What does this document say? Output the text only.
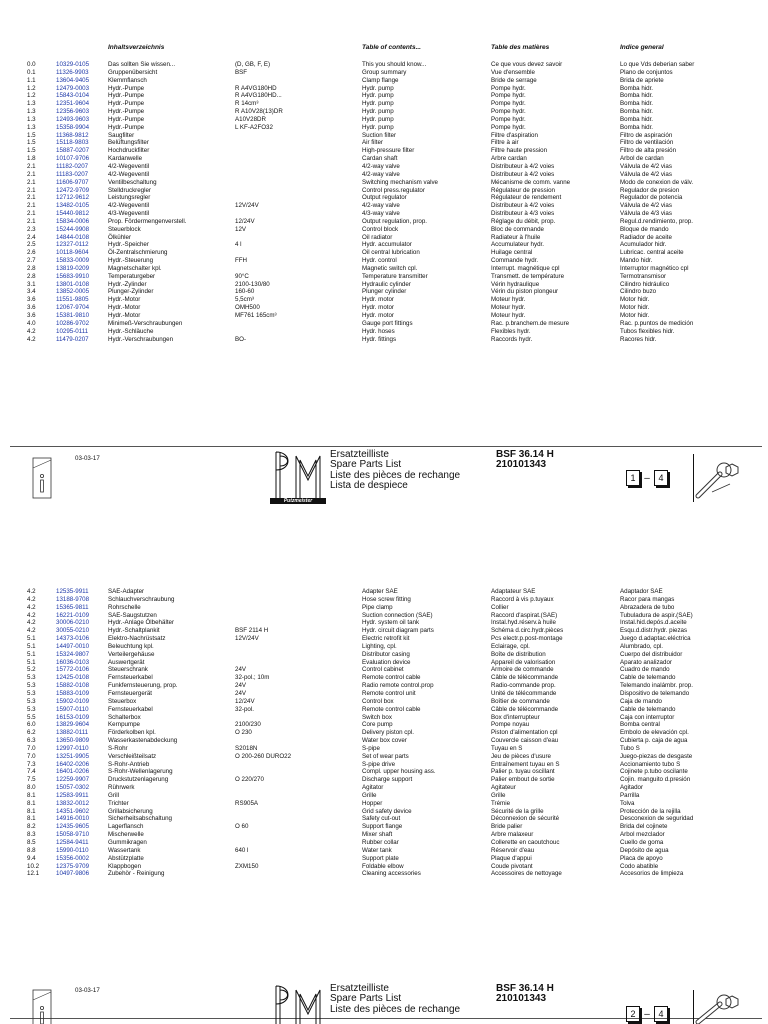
Inhaltsverzeichnis	Table of contents...	Table des matières	Indice general
0.0	10329-0105	Das sollten Sie wissen...	(D, GB, F, E)	This you should know...	Ce que vous devez savoir	Lo que Vds deberian saber
0.1	11326-9903	Gruppenübersicht	BSF	Group summary	Vue d'ensemble	Plano de conjuntos
1.1	13604-9405	Klemmflansch	Clamp flange	Bride de serrage	Brida de apriete
1.2	12479-0003	Hydr.-Pumpe	R A4VG180HD	Hydr. pump	Pompe hydr.	Bomba hidr.
1.2	15843-0104	Hydr.-Pumpe	R A4VG180HD...	Hydr. pump	Pompe hydr.	Bomba hidr.
1.3	12351-9604	Hydr.-Pumpe	R 14cm³	Hydr. pump	Pompe hydr.	Bomba hidr.
1.3	12356-9603	Hydr.-Pumpe	R A10V28(13)DR	Hydr. pump	Pompe hydr.	Bomba hidr.
1.3	12493-9603	Hydr.-Pumpe	A10V28DR	Hydr. pump	Pompe hydr.	Bomba hidr.
1.3	15358-9904	Hydr.-Pumpe	L KF-A2FO32	Hydr. pump	Pompe hydr.	Bomba hidr.
1.5	11368-9812	Saugfilter	Suction filter	Filtre d'aspiration	Filtro de aspiración
1.5	15118-9803	Belüftungsfilter	Air filter	Filtre à air	Filtro de ventilación
1.5	15887-0207	Hochdruckfilter	High-pressure filter	Filtre haute pression	Filtro de alta presión
1.8	10107-9706	Kardanwelle	Cardan shaft	Arbre cardan	Arbol de cardan
2.1	11182-0207	4/2-Wegeventil	4/2-way valve	Distributeur à 4/2 voies	Válvula de 4/2 vias
2.1	11183-0207	4/2-Wegeventil	4/2-way valve	Distributeur à 4/2 voies	Válvula de 4/2 vias
2.1	11606-9707	Ventilbeschaltung	Switching mechanism valve	Mécanisme de comm. vanne	Modo de conexion de válv.
2.1	12472-9709	Stelldruckregler	Control press.regulator	Régulateur de pression	Regulador de presion
2.1	12712-9612	Leistungsregler	Output regulator	Régulateur de rendement	Regulador de potencia
2.1	13482-0105	4/2-Wegeventil	12V/24V	4/2-way valve	Distributeur à 4/2 voies	Válvula de 4/2 vias
2.1	15440-9812	4/3-Wegeventil	4/3-way valve	Distributeur à 4/3 voies	Válvula de 4/3 vias
2.1	15834-0006	Prop. Fördermengenverstell.	12/24V	Output regulation, prop.	Réglage du débit, prop.	Regul.d.rendimiento, prop.
2.3	15244-9908	Steuerblock	12V	Control block	Bloc de commande	Bloque de mando
2.4	14844-0108	Ölkühler	Oil radiator	Radiateur à l'huile	Radiador de aceite
2.5	12327-0112	Hydr.-Speicher	4 l	Hydr. accumulator	Accumulateur hydr.	Acumulador hidr.
2.6	10118-9604	Öl-Zentralschmierung	Oil central lubrication	Huilage central	Lubricac. central aceite
2.7	15833-0009	Hydr.-Steuerung	FFH	Hydr. control	Commande hydr.	Mando hidr.
2.8	13819-0209	Magnetschalter kpl.	Magnetic switch cpl.	Interrupt. magnétique cpl	Interruptor magnético cpl
2.8	15683-9910	Temperaturgeber	90°C	Temperature transmitter	Transmett. de température	Termotransmisor
3.1	13801-0108	Hydr.-Zylinder	2100-130/80	Hydraulic cylinder	Vérin hydraulique	Cilindro hidráulico
3.4	13852-0005	Plunger-Zylinder	160-60	Plunger cylinder	Vérin du piston plongeur	Cilindro buzo
3.6	11551-9805	Hydr.-Motor	5,5cm³	Hydr. motor	Moteur hydr.	Motor hidr.
3.6	12067-9704	Hydr.-Motor	OMH500	Hydr. motor	Moteur hydr.	Motor hidr.
3.6	15381-9810	Hydr.-Motor	MF761 165cm³	Hydr. motor	Moteur hydr.	Motor hidr.
4.0	10286-9702	Minimeß-Verschraubungen	Gauge port fittings	Rac. p.branchem.de mesure	Rac. p.puntos de medición
4.2	10295-0111	Hydr.-Schläuche	Hydr. hoses	Flexibles hydr.	Tubos flexibles hidr.
4.2	11479-0207	Hydr.-Verschraubungen	BO-	Hydr. fittings	Raccords hydr.	Racores hidr.
03-03-17
Putzmeister
Ersatzteilliste
Spare Parts List
Liste des pièces de rechange
Lista de despiece
BSF 36.14 H
210101343
1 – 4
4.2	12535-9911	SAE-Adapter	Adapter SAE	Adaptateur SAE	Adaptador SAE
4.2	13188-9708	Schlauchverschraubung	Hose screw fitting	Raccord à vis p.tuyaux	Racor para mangas
4.2	15365-9811	Rohrschelle	Pipe clamp	Collier	Abrazadera de tubo
4.2	16221-0109	SAE-Saugstutzen	Suction connection (SAE)	Raccord d'aspirat.(SAE)	Tubuladura de aspir.(SAE)
4.2	30006-0210	Hydr.-Anlage Ölbehälter	Hydr. system oil tank	Instal.hyd.réserv.à huile	Instal.hid.depós.d.aceite
4.2	30055-0210	Hydr.-Schaltplankit	BSF 2114 H	Hydr. circuit diagram parts	Schéma d.circ.hydr.pièces	Esqu.d.distr.hydr. piezas
5.1	14373-0106	Elektro-Nachrüstsatz	12V/24V	Electric retrofit kit	Pcs electr.p.post-montage	Juego d.adaptac.eléctrica
5.1	14497-0010	Beleuchtung kpl.	Lighting, cpl.	Eclairage, cpl.	Alumbrado, cpl.
5.1	15324-9807	Verteilergehäuse	Distributor casing	Boîte de distribution	Cuerpo del distribuidor
5.1	16036-0103	Auswertgerät	Evaluation device	Appareil de valorisation	Aparato analizador
5.2	15772-0106	Steuerschrank	24V	Control cabinet	Armoire de commande	Cuadro de mando
5.3	12425-0108	Fernsteuerkabel	32-pol.; 10m	Remote control cable	Câble de télécommande	Cable de telemando
5.3	15882-0108	Funkfernsteuerung, prop.	24V	Radio remote control.prop	Radio-commande prop.	Telemando inalámbr. prop.
5.3	15883-0109	Fernsteuergerät	24V	Remote control unit	Unité de télécommande	Dispositivo de telemando
5.3	15902-0109	Steuerbox	12/24V	Control box	Boîtier de commande	Caja de mando
5.3	15907-0110	Fernsteuerkabel	32-pol.	Remote control cable	Câble de télécommande	Cable de telemando
5.5	16153-0109	Schalterbox	Switch box	Box d'interrupteur	Caja con interruptor
6.0	13829-9604	Kernpumpe	2100/230	Core pump	Pompe noyau	Bomba central
6.2	13882-0111	Förderkolben kpl.	O 230	Delivery piston cpl.	Piston d'alimentation cpl	Embolo de elevación cpl.
6.3	13650-9809	Wasserkastenabdeckung	Water box cover	Couvercle caisson d'eau	Cubierta p. caja de agua
7.0	12997-0110	S-Rohr	S2018N	S-pipe	Tuyau en S	Tubo S
7.0	13251-9905	Verschleißteilsatz	O 200-260 DURO22	Set of wear parts	Jeu de pièces d'usure	Juego-piezas de desgaste
7.3	16402-0206	S-Rohr-Antrieb	S-pipe drive	Entraînement tuyau en S	Accionamiento tubo S
7.4	16401-0206	S-Rohr-Wellenlagerung	Compl. upper housing ass.	Palier p. tuyau oscillant	Cojinete p.tubo oscilante
7.5	12259-9907	Druckstutzenlagerung	O 220/270	Discharge support	Palier embout de sortie	Cojin. manguito d.presión
8.0	15057-0302	Rührwerk	Agitator	Agitateur	Agitador
8.1	12583-9911	Grill	Grille	Grille	Parrilla
8.1	13832-0012	Trichter	RS905A	Hopper	Trémie	Tolva
8.1	14351-9602	Grillabsicherung	Grid safety device	Sécurité de la grille	Protección de la rejilla
8.1	14916-0010	Sicherheitsabschaltung	Safety cut-out	Déconnexion de sécurité	Desconexion de seguridad
8.2	12435-9605	Lagerflansch	O 60	Support flange	Bride palier	Brida del cojinete
8.3	15058-9710	Mischerwelle	Mixer shaft	Arbre malaxeur	Arbol mezclador
8.5	12584-9411	Gummikragen	Rubber collar	Collerette en caoutchouc	Cuello de goma
8.8	15990-0110	Wassertank	640 l	Water tank	Réservoir d'eau	Depósito de agua
9.4	15356-0002	Abstützplatte	Support plate	Plaque d'appui	Placa de apoyo
10.2	12375-9709	Klappbogen	ZXM150	Foldable elbow	Coude pivotant	Codo abatible
12.1	10497-9806	Zubehör - Reinigung	Cleaning accessories	Accessoires de nettoyage	Accesorios de limpieza
03-03-17	Ersatzteilliste
Spare Parts List
Liste des pièces de rechange
BSF 36.14 H
210101343
2 – 4
